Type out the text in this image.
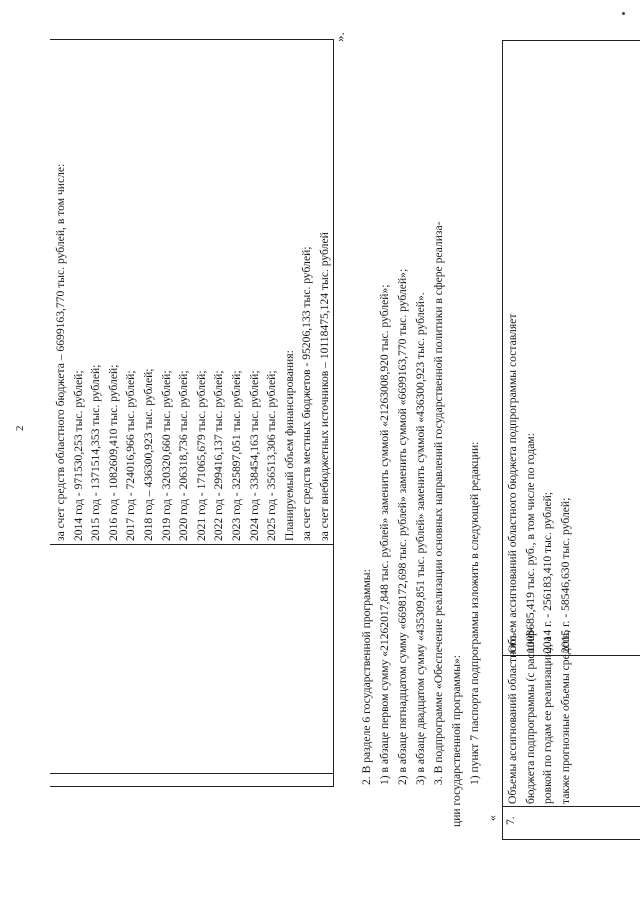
2 за счет средств областного бюджета – 6699163,770 тыс. рублей, в том числе: 2014 год - 971530,253 тыс. рублей; 2015 год - 1371514,353 тыс. рублей; 2016 год - 1082609,410 тыс. рублей; 2017 год - 724016,966 тыс. рублей; 2018 год – 436300,923 тыс. рублей; 2019 год - 320320,660 тыс. рублей; 2020 год - 206318,736 тыс. рублей; 2021 год - 171065,679 тыс. рублей; 2022 год - 299416,137 тыс. рублей; 2023 год - 325897,051 тыс. рублей; 2024 год - 338454,163 тыс. рублей; 2025 год - 356513,306 тыс. рублей; Планируемый объем финансирования: за счет средств местных бюджетов - 95206,133 тыс. рублей; за счет внебюджетных источников – 10118475,124 тыс. рублей
».
2. В разделе 6 государственной программы: 1) в абзаце первом сумму «21262017,848 тыс. рублей» заменить суммой «21263008,920 тыс. рублей»; 2) в абзаце пятнадцатом сумму «6698172,698 тыс. рублей» заменить суммой «6699163,770 тыс. рублей»; 3) в абзаце двадцатом сумму «435309,851 тыс. рублей» заменить суммой «436300,923 тыс. рублей». 3. В подпрограмме «Обеспечение реализации основных направлений государственной политики в сфере реализа- ции государственной программы»: 1) пункт 7 паспорта подпрограммы изложить в следующей редакции:
« 7.
Объемы ассигнований областного бюджета подпрограммы (с расшиф- ровкой по годам ее реализации), а также прогнозные объемы средств,
Объем ассигнований областного бюджета подпрограммы составляет 1008685,419 тыс. руб., в том числе по годам: 2014 г. - 256183,410 тыс. рублей; 2015 г. - 58546,630 тыс. рублей;
